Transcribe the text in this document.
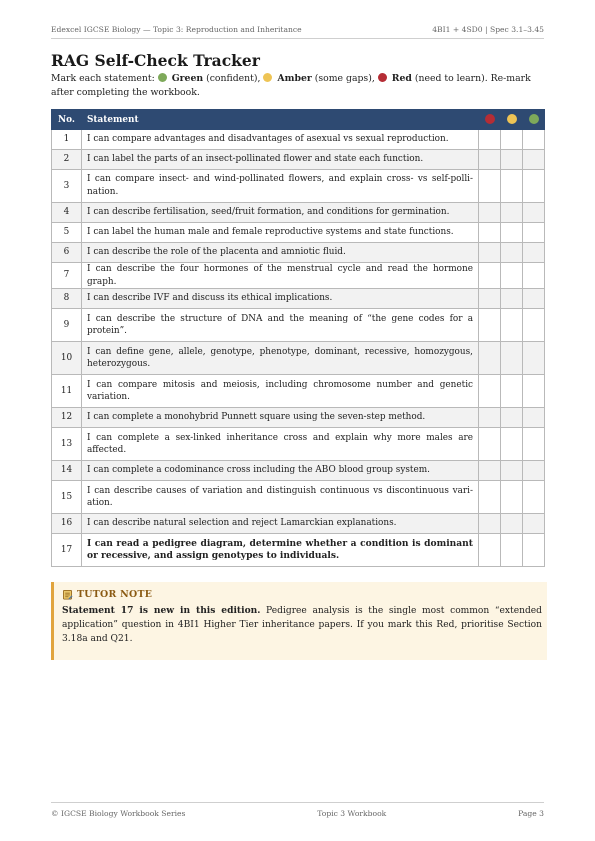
Edexcel IGCSE Biology — Topic 3: Reproduction and Inheritance	4BI1 + 4SD0 | Spec 3.1–3.45
RAG Self-Check Tracker

Mark each statement:  Green (confident),  Amber (some gaps),  Red (need to learn). Re-mark after completing the workbook.

No.	Statement			
1	I can compare advantages and disadvantages of asexual vs sexual reproduction.			
2	I can label the parts of an insect-pollinated flower and state each function.			
3	I can compare insect- and wind-pollinated flowers, and explain cross- vs self-polli- nation.			
4	I can describe fertilisation, seed/fruit formation, and conditions for germination.			
5	I can label the human male and female reproductive systems and state functions.			
6	I can describe the role of the placenta and amniotic fluid.			
7	I can describe the four hormones of the menstrual cycle and read the hormone graph.			
8	I can describe IVF and discuss its ethical implications.			
9	I can describe the structure of DNA and the meaning of “the gene codes for a protein”.			
10	I can define gene, allele, genotype, phenotype, dominant, recessive, homozygous, heterozygous.			
11	I can compare mitosis and meiosis, including chromosome number and genetic variation.			
12	I can complete a monohybrid Punnett square using the seven-step method.			
13	I can complete a sex-linked inheritance cross and explain why more males are affected.			
14	I can complete a codominance cross including the ABO blood group system.			
15	I can describe causes of variation and distinguish continuous vs discontinuous vari- ation.			
16	I can describe natural selection and reject Lamarckian explanations.			
17	I can read a pedigree diagram, determine whether a condition is dominant or recessive, and assign genotypes to individuals.			
TUTOR NOTE
Statement 17 is new in this edition. Pedigree analysis is the single most common “extended application” question in 4BI1 Higher Tier inheritance papers. If you mark this Red, prioritise Section 3.18a and Q21.
© IGCSE Biology Workbook Series	Topic 3 Workbook	Page 3
